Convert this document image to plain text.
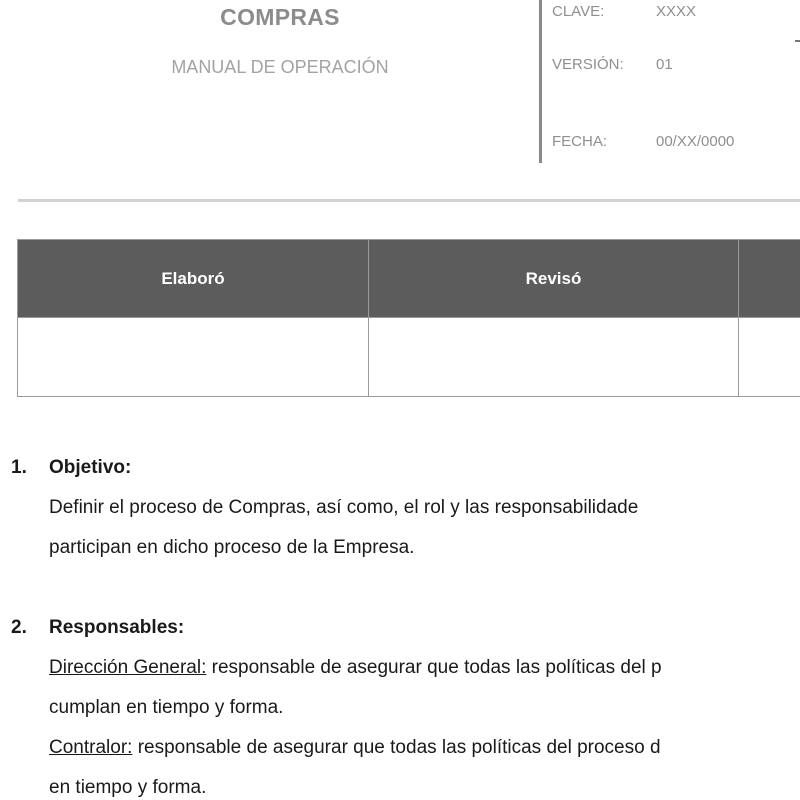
COMPRAS
MANUAL DE OPERACIÓN
CLAVE:	XXXX
VERSIÓN: 01
FECHA:	00/XX/0000
Elaboró	Revisó	

1. Objetivo:
Definir el proceso de Compras, así como, el rol y las responsabilidade
participan en dicho proceso de la Empresa.
2. Responsables:
Dirección General: responsable de asegurar que todas las políticas del p
cumplan en tiempo y forma.
Contralor: responsable de asegurar que todas las políticas del proceso d
en tiempo y forma.
